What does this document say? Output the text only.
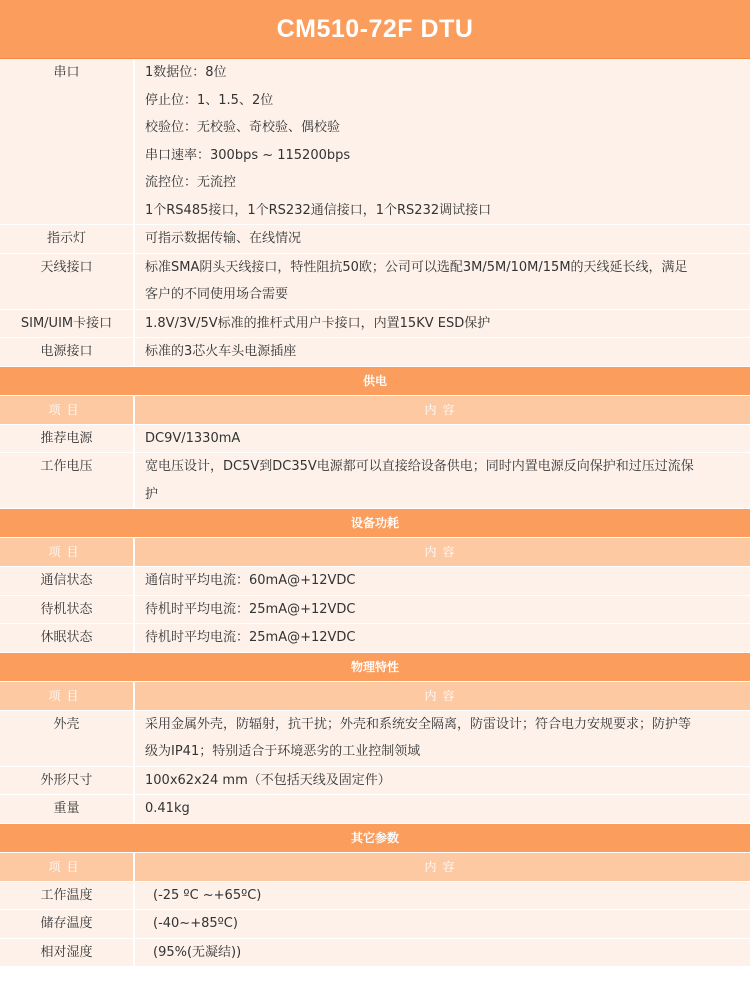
CM510-72F DTU
串口	1数据位：8位
停止位：1、1.5、2位
校验位：无校验、奇校验、偶校验
串口速率：300bps ~ 115200bps
流控位：无流控
1个RS485接口，1个RS232通信接口，1个RS232调试接口
指示灯	可指示数据传输、在线情况
天线接口	标准SMA阴头天线接口，特性阻抗50欧；公司可以选配3M/5M/10M/15M的天线延长线，满足
客户的不同使用场合需要
SIM/UIM卡接口	1.8V/3V/5V标准的推杆式用户卡接口，内置15KV ESD保护
电源接口	标准的3芯火车头电源插座
供电
项目	内容
推荐电源	DC9V/1330mA
工作电压	宽电压设计，DC5V到DC35V电源都可以直接给设备供电；同时内置电源反向保护和过压过流保
护
设备功耗
项目	内容
通信状态	通信时平均电流：60mA@+12VDC
待机状态	待机时平均电流：25mA@+12VDC
休眠状态	待机时平均电流：25mA@+12VDC
物理特性
项目	内容
外壳	采用金属外壳，防辐射，抗干扰；外壳和系统安全隔离，防雷设计；符合电力安规要求；防护等
级为IP41；特别适合于环境恶劣的工业控制领域
外形尺寸	100x62x24 mm（不包括天线及固定件）
重量	0.41kg
其它参数
项目	内容
工作温度	(-25 ºC ~+65ºC)
储存温度	(-40~+85ºC)
相对湿度	(95%(无凝结))
